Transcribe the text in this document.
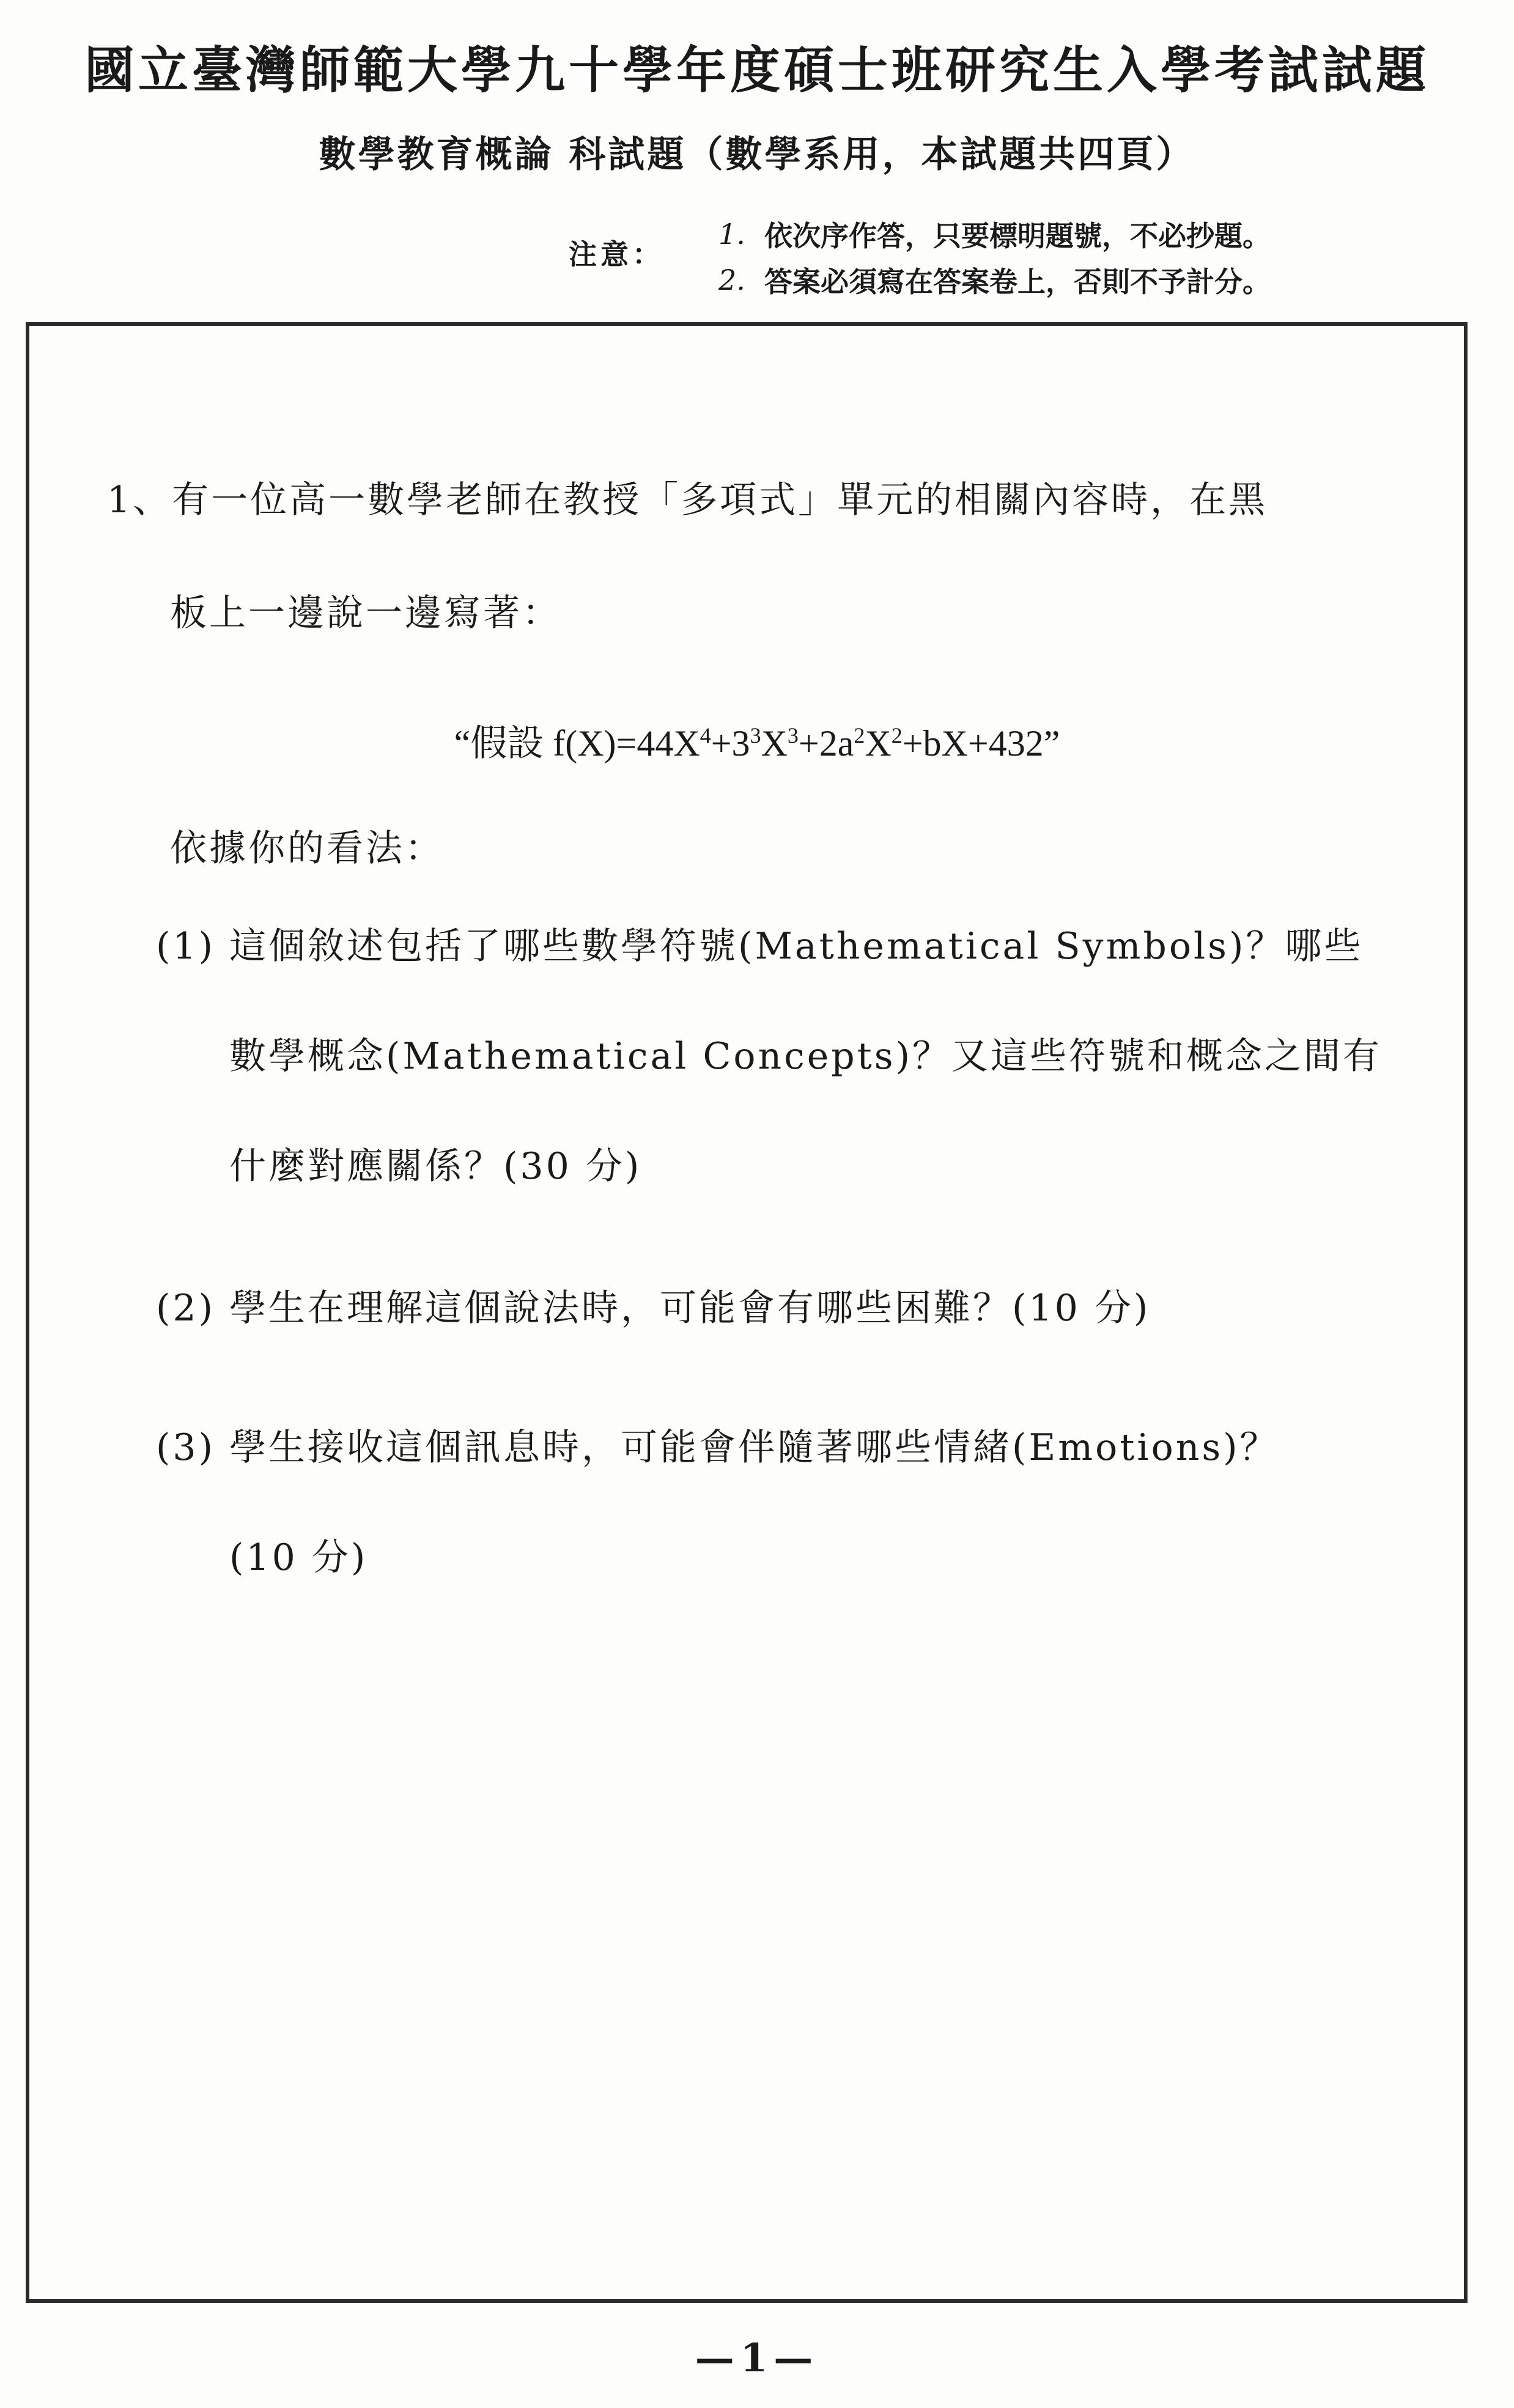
國立臺灣師範大學九十學年度碩士班研究生入學考試試題
數學教育概論 科試題（數學系用，本試題共四頁）
注意：
1. 依次序作答，只要標明題號，不必抄題。
2. 答案必須寫在答案卷上，否則不予計分。
1、有一位高一數學老師在教授「多項式」單元的相關內容時，在黑
板上一邊說一邊寫著：
“假設 $f(X)=44X^4+3^3X^3+2a^2X^2+bX+432$”
依據你的看法：
(1) 這個敘述包括了哪些數學符號(Mathematical Symbols)？哪些
數學概念(Mathematical Concepts)？又這些符號和概念之間有
什麼對應關係？(30 分)
(2) 學生在理解這個說法時，可能會有哪些困難？(10 分)
(3) 學生接收這個訊息時，可能會伴隨著哪些情緒(Emotions)？
(10 分)
—1—
